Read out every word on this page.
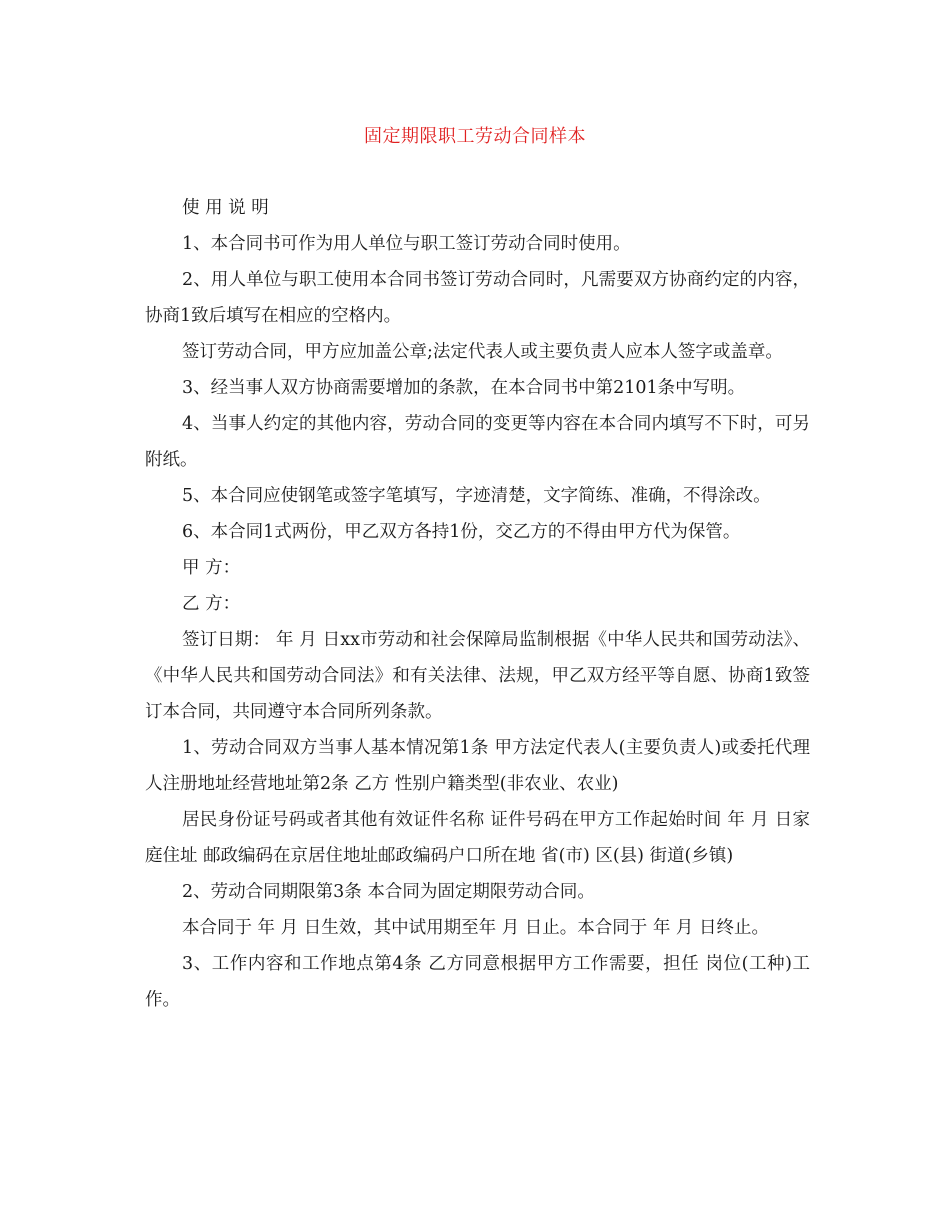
固定期限职工劳动合同样本

使 用 说 明

1、本合同书可作为用人单位与职工签订劳动合同时使用。

2、用人单位与职工使用本合同书签订劳动合同时，凡需要双方协商约定的内容，协商1致后填写在相应的空格内。

签订劳动合同，甲方应加盖公章;法定代表人或主要负责人应本人签字或盖章。

3、经当事人双方协商需要增加的条款，在本合同书中第2101条中写明。

4、当事人约定的其他内容，劳动合同的变更等内容在本合同内填写不下时，可另附纸。

5、本合同应使钢笔或签字笔填写，字迹清楚，文字简练、准确，不得涂改。

6、本合同1式两份，甲乙双方各持1份，交乙方的不得由甲方代为保管。

甲 方：

乙 方：

签订日期： 年 月 日xx市劳动和社会保障局监制根据《中华人民共和国劳动法》、《中华人民共和国劳动合同法》和有关法律、法规，甲乙双方经平等自愿、协商1致签订本合同，共同遵守本合同所列条款。

1、劳动合同双方当事人基本情况第1条 甲方法定代表人(主要负责人)或委托代理人注册地址经营地址第2条 乙方 性别户籍类型(非农业、农业)

居民身份证号码或者其他有效证件名称 证件号码在甲方工作起始时间 年 月 日家庭住址 邮政编码在京居住地址邮政编码户口所在地 省(市) 区(县) 街道(乡镇)

2、劳动合同期限第3条 本合同为固定期限劳动合同。

本合同于 年 月 日生效，其中试用期至年 月 日止。本合同于 年 月 日终止。

3、工作内容和工作地点第4条 乙方同意根据甲方工作需要，担任 岗位(工种)工作。
